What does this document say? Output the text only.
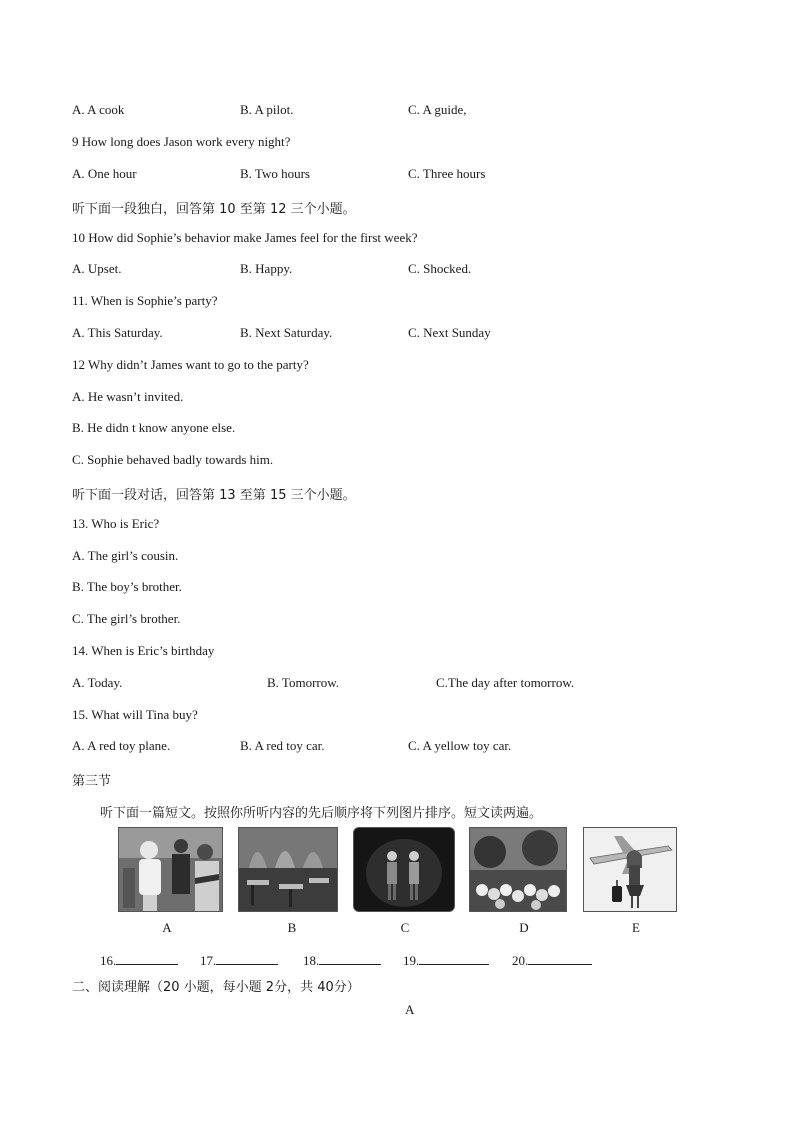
A. A cook	B. A pilot.	C. A guide,
9 How long does Jason work every night?
A. One hour	B. Two hours	C. Three hours
听下面一段独白，回答第 10 至第 12 三个小题。
10 How did Sophie’s behavior make James feel for the first week?
A. Upset.	B. Happy.	C. Shocked.
11. When is Sophie’s party?
A. This Saturday.	B. Next Saturday.	C. Next Sunday
12 Why didn’t James want to go to the party?
A. He wasn’t invited.
B. He didn t know anyone else.
C. Sophie behaved badly towards him.
听下面一段对话，回答第 13 至第 15 三个小题。
13. Who is Eric?
A. The girl’s cousin.
B. The boy’s brother.
C. The girl’s brother.
14. When is Eric’s birthday
A. Today.	B. Tomorrow.	C.The day after tomorrow.
15. What will Tina buy?
A. A red toy plane.	B. A red toy car.	C. A yellow toy car.
第三节
听下面一篇短文。按照你所听内容的先后顺序将下列图片排序。短文读两遍。
A	B	C	D	E
16.	17.	18.	19.	20.
二、阅读理解（20 小题，每小题 2分，共 40分）
A
